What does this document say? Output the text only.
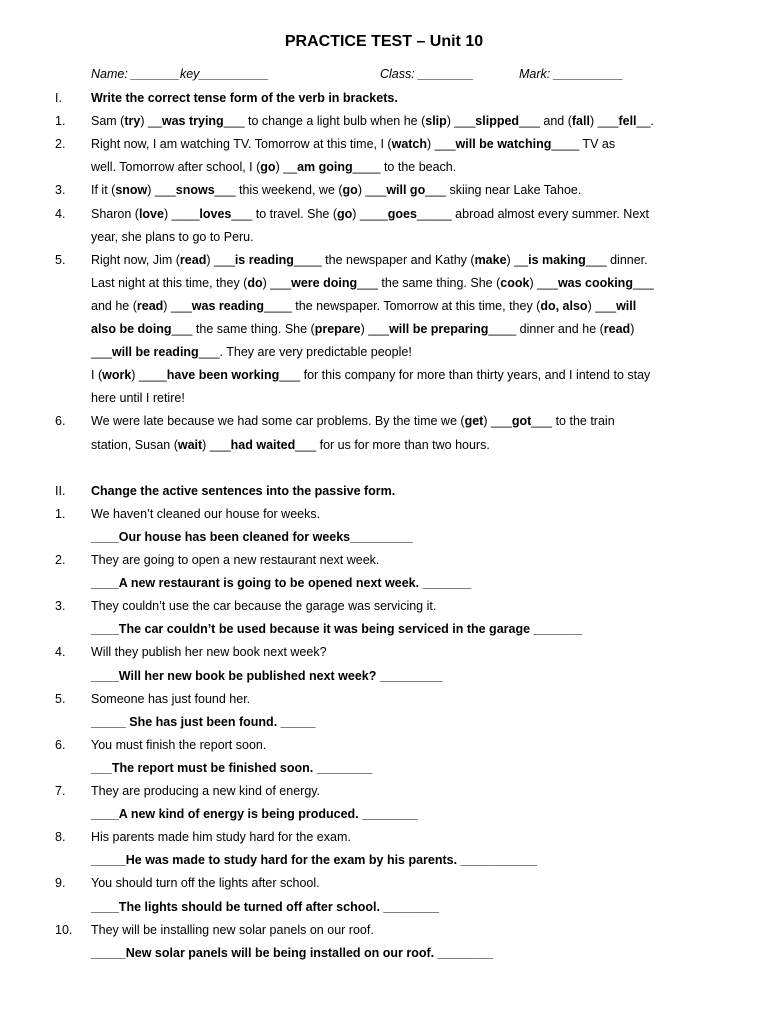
PRACTICE TEST – Unit 10
Name: _______key__________	Class: ________	Mark: __________
I. Write the correct tense form of the verb in brackets.
1. Sam (try) __was trying___ to change a light bulb when he (slip) ___slipped___ and (fall) ___fell__.
2. Right now, I am watching TV. Tomorrow at this time, I (watch) ___will be watching____ TV as
well. Tomorrow after school, I (go) __am going____ to the beach.
3. If it (snow) ___snows___ this weekend, we (go) ___will go___ skiing near Lake Tahoe.
4. Sharon (love) ____loves___ to travel. She (go) ____goes_____ abroad almost every summer. Next
year, she plans to go to Peru.
5. Right now, Jim (read) ___is reading____ the newspaper and Kathy (make) __is making___ dinner.
Last night at this time, they (do) ___were doing___ the same thing. She (cook) ___was cooking___
and he (read) ___was reading____ the newspaper. Tomorrow at this time, they (do, also) ___will
also be doing___ the same thing. She (prepare) ___will be preparing____ dinner and he (read)
___will be reading___. They are very predictable people!
I (work) ____have been working___ for this company for more than thirty years, and I intend to stay
here until I retire!
6. We were late because we had some car problems. By the time we (get) ___got___ to the train
station, Susan (wait) ___had waited___ for us for more than two hours.
II. Change the active sentences into the passive form.
1. We haven’t cleaned our house for weeks.
____Our house has been cleaned for weeks_________
2. They are going to open a new restaurant next week.
____A new restaurant is going to be opened next week. _______
3. They couldn’t use the car because the garage was servicing it.
____The car couldn’t be used because it was being serviced in the garage _______
4. Will they publish her new book next week?
____Will her new book be published next week? _________
5. Someone has just found her.
_____ She has just been found. _____
6. You must finish the report soon.
___The report must be finished soon. ________
7. They are producing a new kind of energy.
____A new kind of energy is being produced. ________
8. His parents made him study hard for the exam.
_____He was made to study hard for the exam by his parents. ___________
9. You should turn off the lights after school.
____The lights should be turned off after school. ________
10. They will be installing new solar panels on our roof.
_____New solar panels will be being installed on our roof. ________
